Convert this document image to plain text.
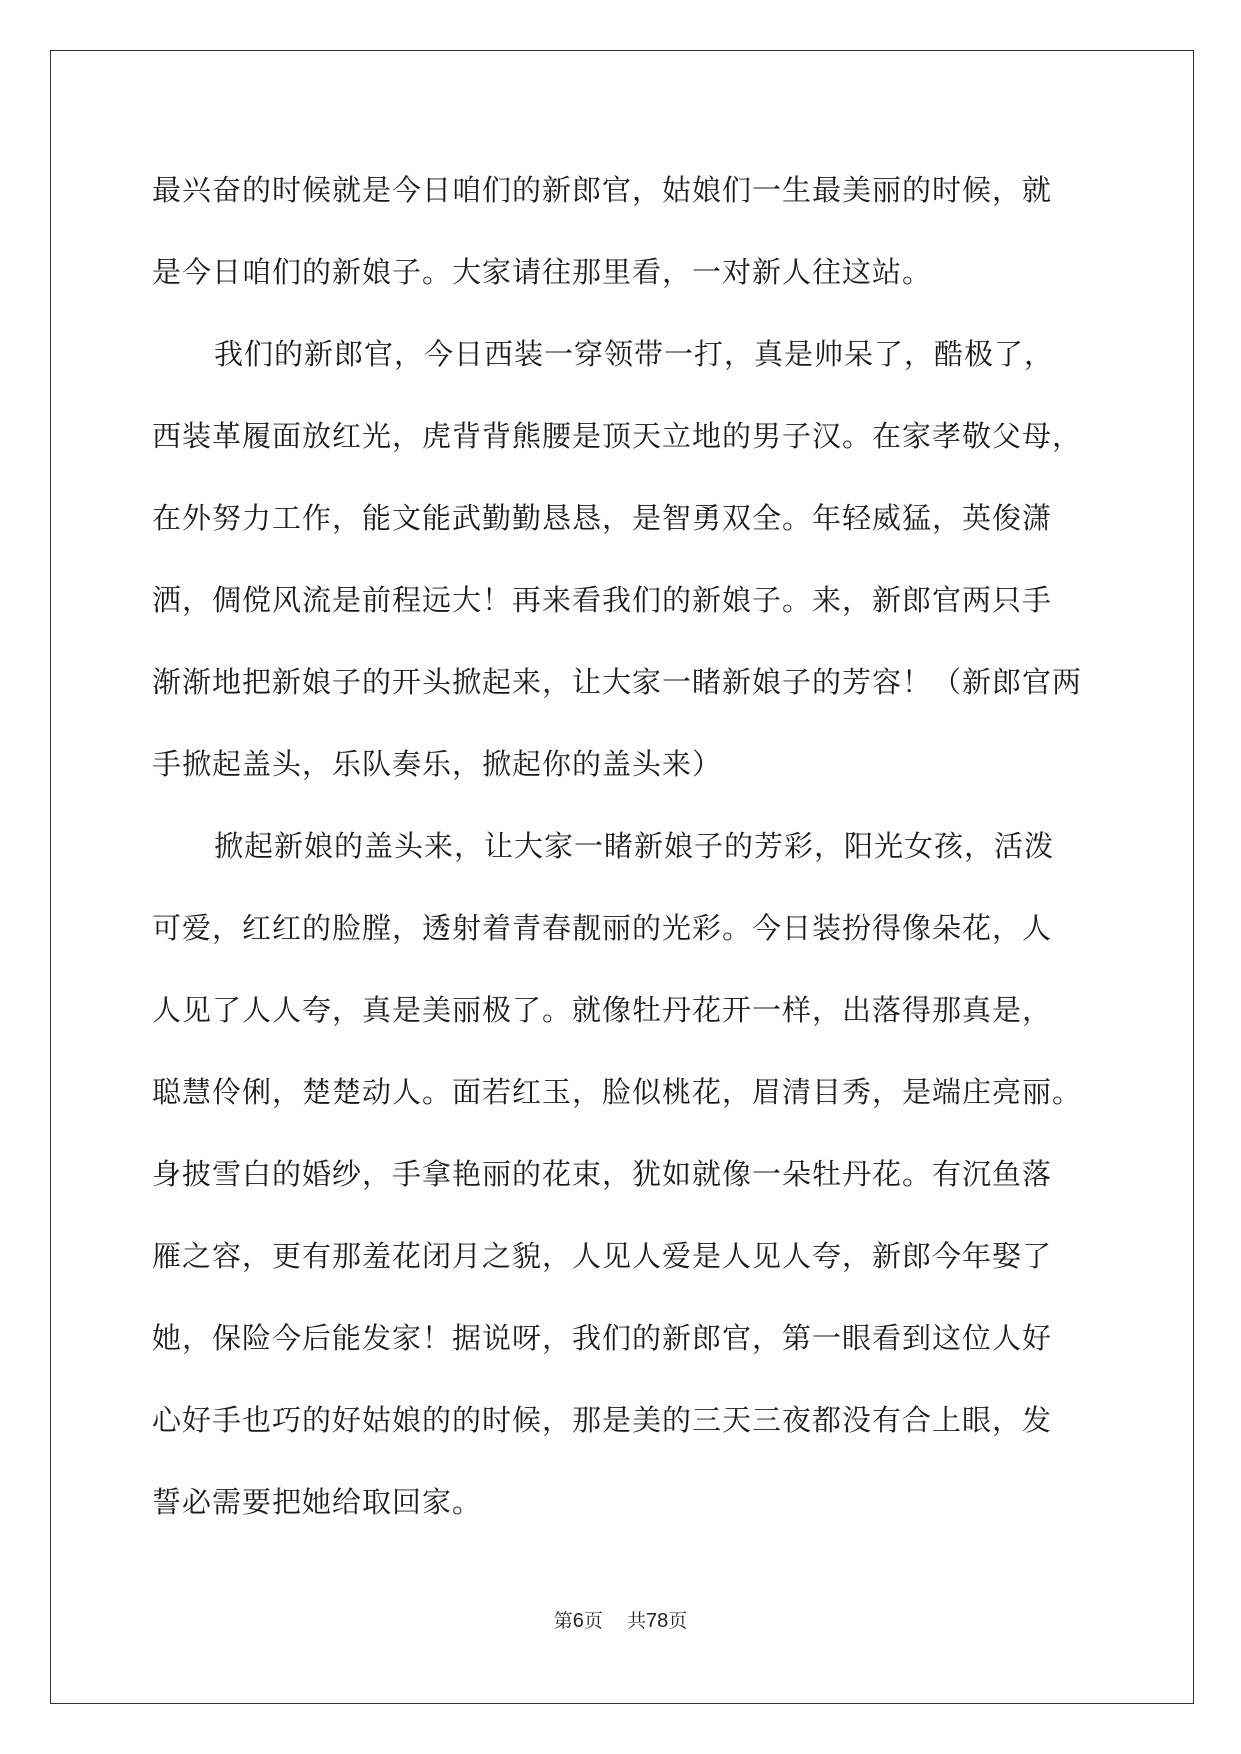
最兴奋的时候就是今日咱们的新郎官，姑娘们一生最美丽的时候，就
是今日咱们的新娘子。大家请往那里看，一对新人往这站。
我们的新郎官，今日西装一穿领带一打，真是帅呆了，酷极了，
西装革履面放红光，虎背背熊腰是顶天立地的男子汉。在家孝敬父母，
在外努力工作，能文能武勤勤恳恳，是智勇双全。年轻威猛，英俊潇
洒，倜傥风流是前程远大！再来看我们的新娘子。来，新郎官两只手
渐渐地把新娘子的开头掀起来，让大家一睹新娘子的芳容！（新郎官两
手掀起盖头，乐队奏乐，掀起你的盖头来）
掀起新娘的盖头来，让大家一睹新娘子的芳彩，阳光女孩，活泼
可爱，红红的脸膛，透射着青春靓丽的光彩。今日装扮得像朵花，人
人见了人人夸，真是美丽极了。就像牡丹花开一样，出落得那真是，
聪慧伶俐，楚楚动人。面若红玉，脸似桃花，眉清目秀，是端庄亮丽。
身披雪白的婚纱，手拿艳丽的花束，犹如就像一朵牡丹花。有沉鱼落
雁之容，更有那羞花闭月之貌，人见人爱是人见人夸，新郎今年娶了
她，保险今后能发家！据说呀，我们的新郎官，第一眼看到这位人好
心好手也巧的好姑娘的的时候，那是美的三天三夜都没有合上眼，发
誓必需要把她给取回家。
第6页 共78页
